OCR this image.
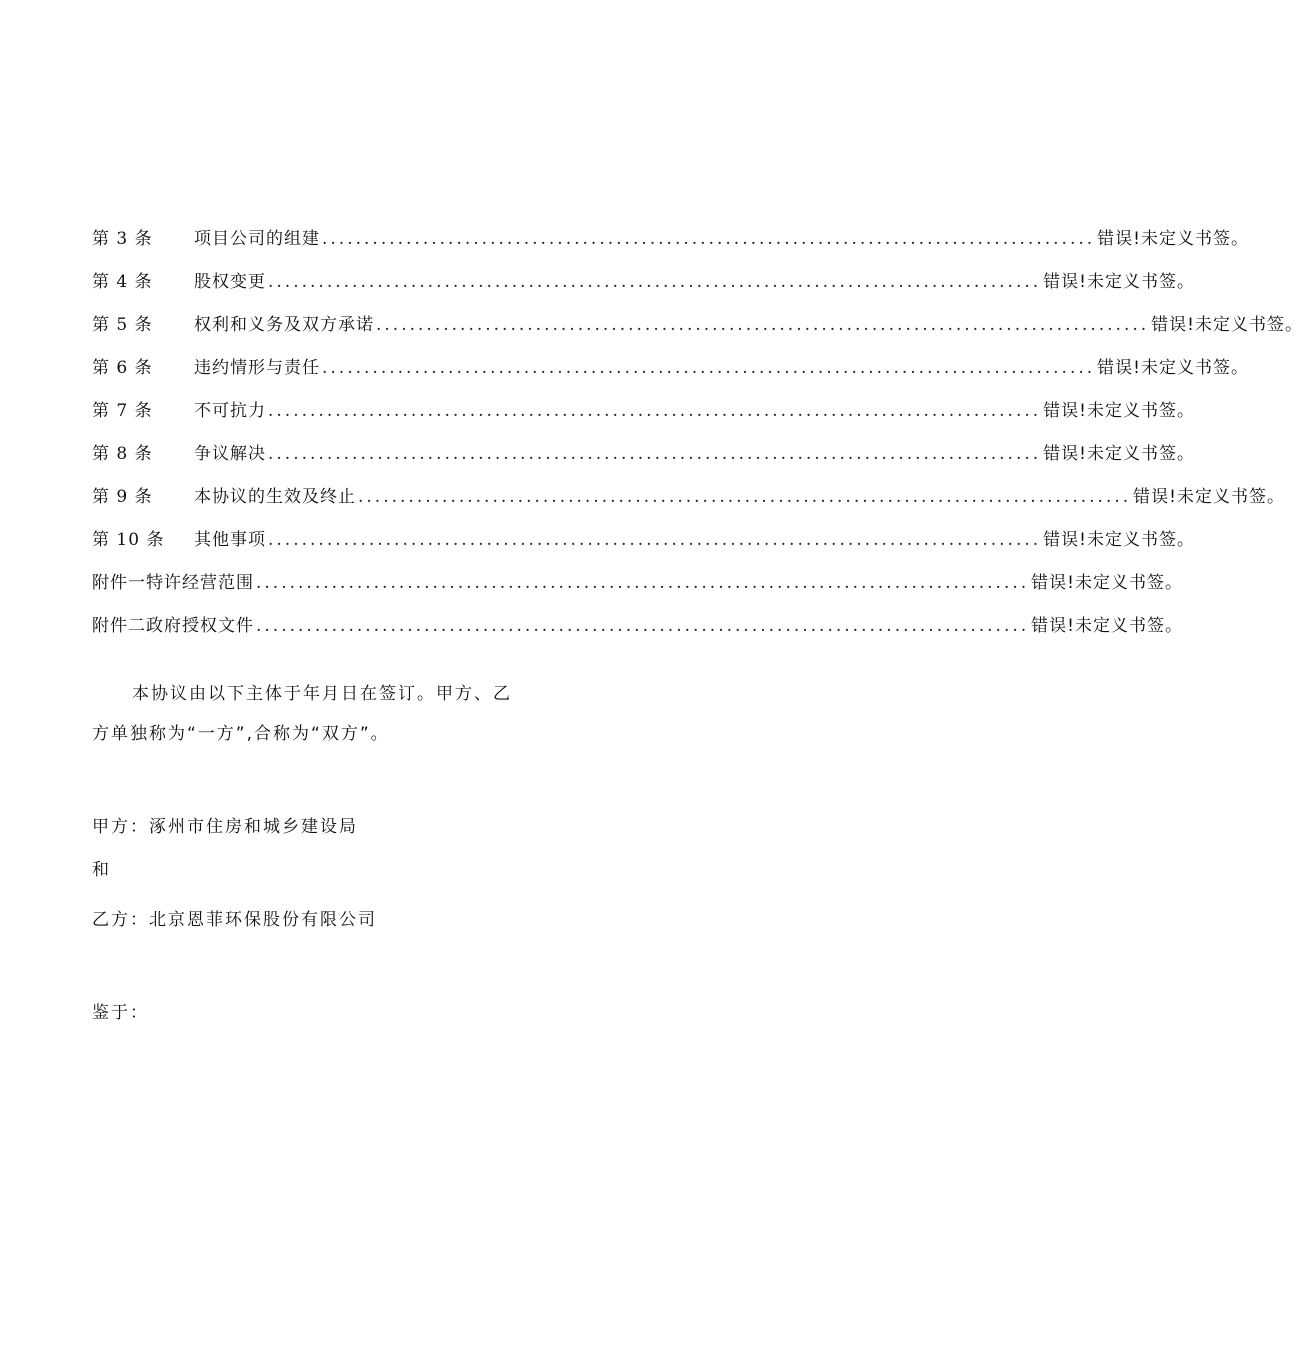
第 3 条	项目公司的组建 ............................................................................................ 错误!未定义书签。
第 4 条	股权变更 ............................................................................................ 错误!未定义书签。
第 5 条	权利和义务及双方承诺 ............................................................................................ 错误!未定义书签。
第 6 条	违约情形与责任 ............................................................................................ 错误!未定义书签。
第 7 条	不可抗力 ............................................................................................ 错误!未定义书签。
第 8 条	争议解决 ............................................................................................ 错误!未定义书签。
第 9 条	本协议的生效及终止 ............................................................................................ 错误!未定义书签。
第 10 条	其他事项 ............................................................................................ 错误!未定义书签。
附件一特许经营范围 ............................................................................................ 错误!未定义书签。
附件二政府授权文件 ............................................................................................ 错误!未定义书签。
本协议由以下主体于年月日在签订。甲方、乙
方单独称为“一方”,合称为“双方”。
甲方：涿州市住房和城乡建设局
和
乙方：北京恩菲环保股份有限公司
鉴于：
